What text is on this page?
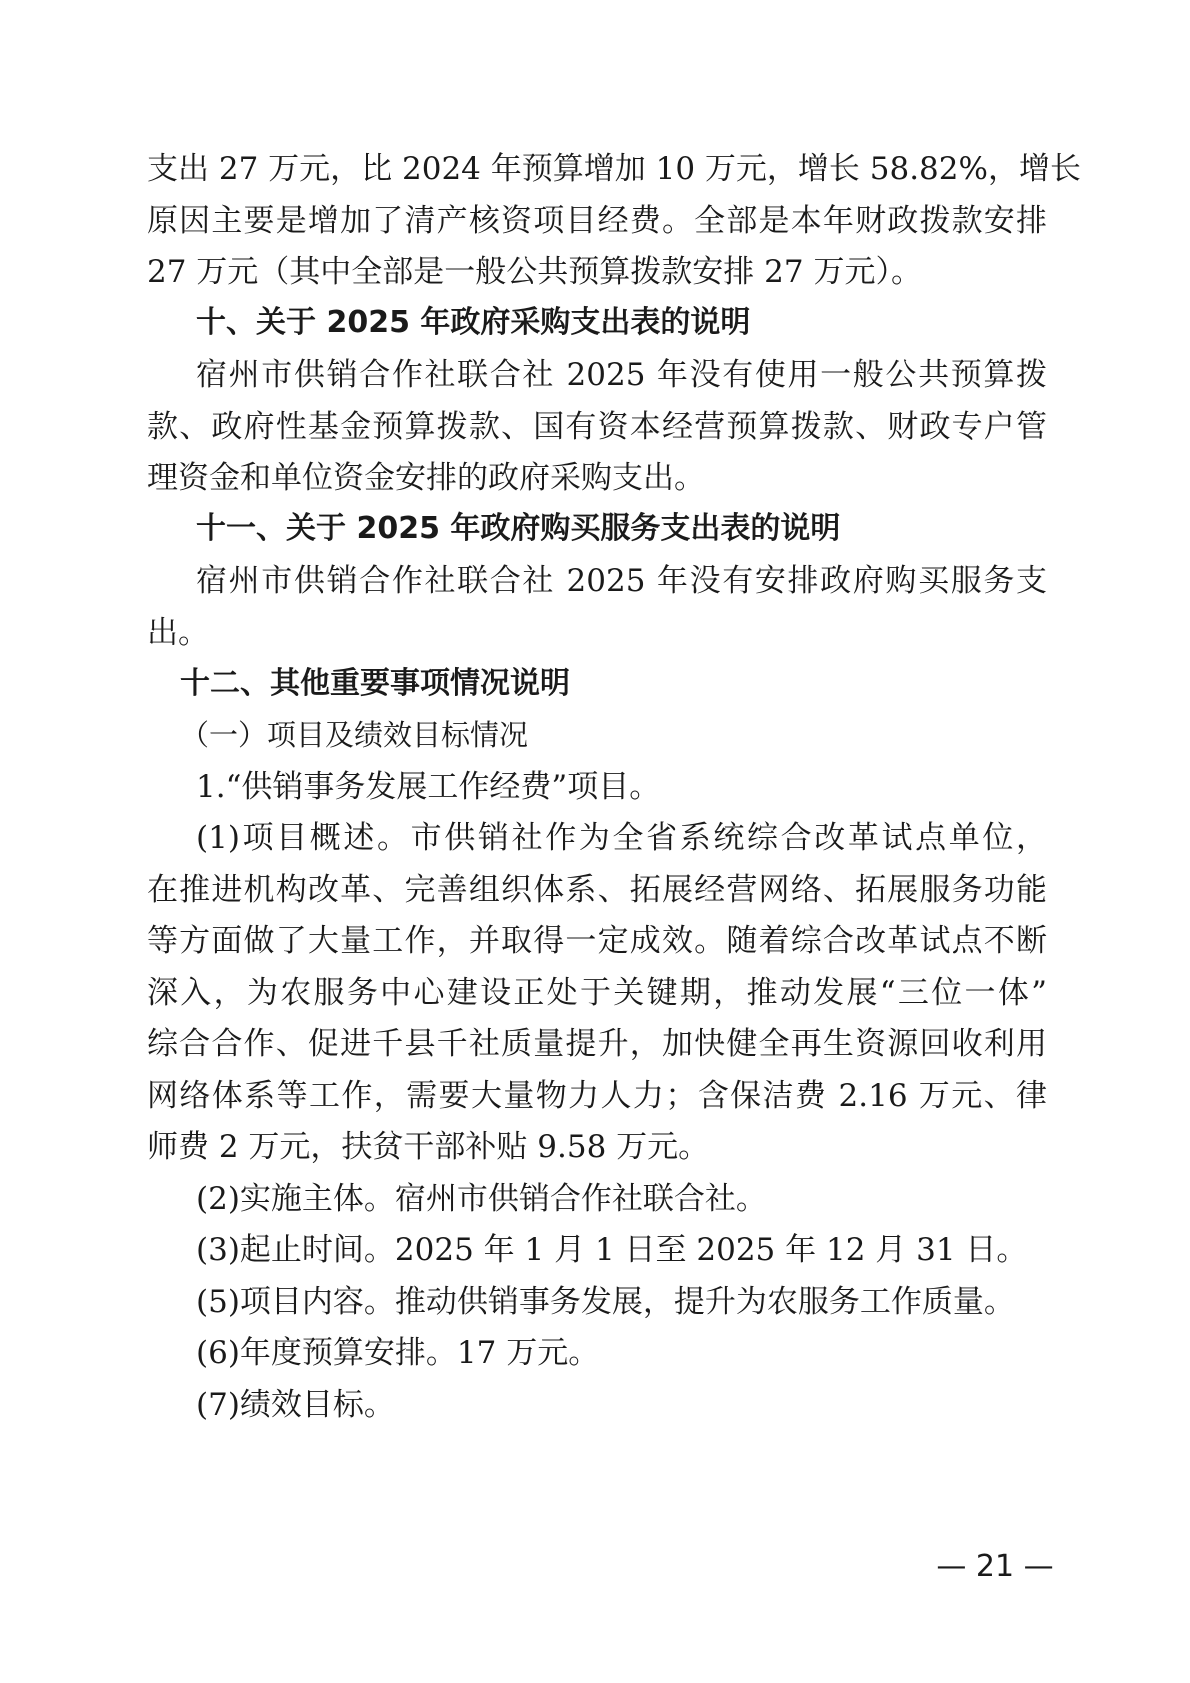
支出 27 万元，比 2024 年预算增加 10 万元，增长 58.82%，增长
原因主要是增加了清产核资项目经费。全部是本年财政拨款安排
27 万元（其中全部是一般公共预算拨款安排 27 万元）。
十、关于 2025 年政府采购支出表的说明
宿州市供销合作社联合社 2025 年没有使用一般公共预算拨
款、政府性基金预算拨款、国有资本经营预算拨款、财政专户管
理资金和单位资金安排的政府采购支出。
十一、关于 2025 年政府购买服务支出表的说明
宿州市供销合作社联合社 2025 年没有安排政府购买服务支
出。
十二、其他重要事项情况说明
（一）项目及绩效目标情况
1.“供销事务发展工作经费”项目。
(1)项目概述。市供销社作为全省系统综合改革试点单位，
在推进机构改革、完善组织体系、拓展经营网络、拓展服务功能
等方面做了大量工作，并取得一定成效。随着综合改革试点不断
深入，为农服务中心建设正处于关键期，推动发展“三位一体”
综合合作、促进千县千社质量提升，加快健全再生资源回收利用
网络体系等工作，需要大量物力人力；含保洁费 2.16 万元、律
师费 2 万元，扶贫干部补贴 9.58 万元。
(2)实施主体。宿州市供销合作社联合社。
(3)起止时间。2025 年 1 月 1 日至 2025 年 12 月 31 日。
(5)项目内容。推动供销事务发展，提升为农服务工作质量。
(6)年度预算安排。17 万元。
(7)绩效目标。
— 21 —
